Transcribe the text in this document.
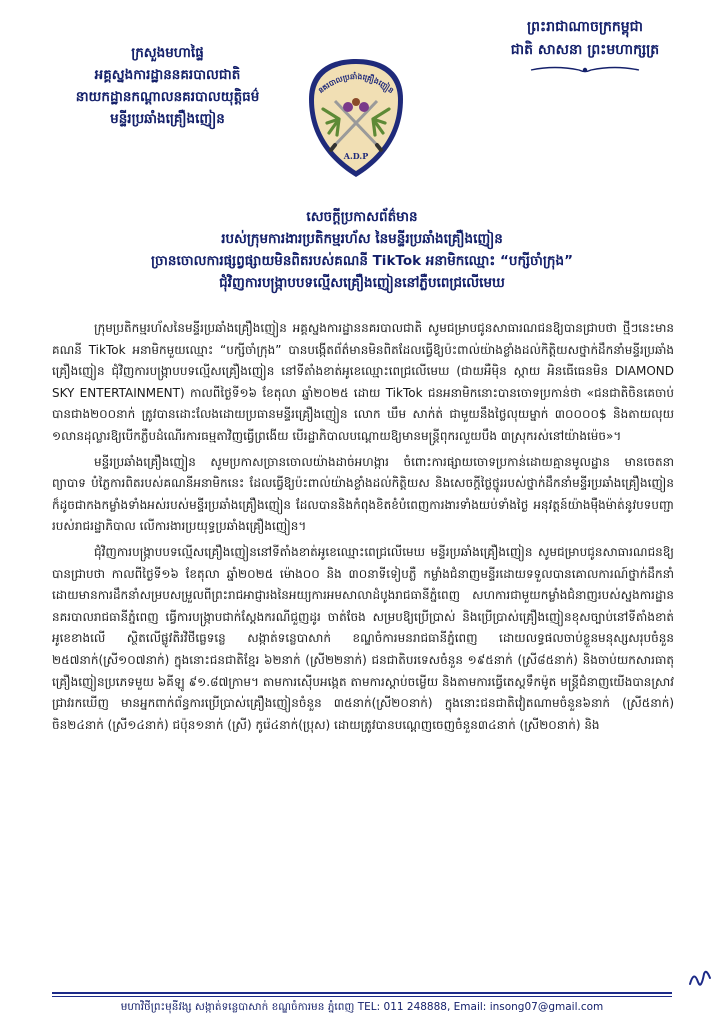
ក្រសួងមហាផ្ទៃ
អគ្គស្នងការដ្ឋាននគរបាលជាតិ
នាយកដ្ឋានកណ្តាលនគរបាលយុត្តិធម៌
មន្ទីរប្រឆាំងគ្រឿងញៀន
ព្រះរាជាណាចក្រកម្ពុជា
ជាតិ សាសនា ព្រះមហាក្សត្រ
នគរបាលប្រឆាំងគ្រឿងញៀន
A.D.P
សេចក្តីប្រកាសព័ត៌មាន
របស់ក្រុមការងារប្រតិកម្មរហ័ស នៃមន្ទីរប្រឆាំងគ្រឿងញៀន
ច្រានចោលការផ្សព្វផ្សាយមិនពិតរបស់គណនី TikTok អនាមិកឈ្មោះ “បក្សីចាំក្រុង”
ជុំវិញការបង្ក្រាបបទល្មើសគ្រឿងញៀននៅភ្លឺបពេជ្រលើមេឃ

ក្រុមប្រតិកម្មរហ័សនៃមន្ទីរប្រឆាំងគ្រឿងញៀន អគ្គស្នងការដ្ឋាននគរបាលជាតិ សូមជម្រាបជូនសាធារណជនឱ្យបានជ្រាបថា ថ្មីៗនេះមានគណនី TikTok អនាមិកមួយឈ្មោះ “បក្សីចាំក្រុង” បានបង្កើតព័ត៌មានមិនពិតដែលធ្វើឱ្យប៉ះពាល់យ៉ាងខ្លាំងដល់កិត្តិយសថ្នាក់ដឹកនាំមន្ទីរប្រឆាំងគ្រឿងញៀន ជុំវិញការបង្ក្រាបបទល្មើសគ្រឿងញៀន នៅទីតាំងខាត់អូខេឈ្មោះពេជ្រលើមេឃ (ជាយអឺម៉ិន ស្កាយ អិនធើធេនមិន DIAMOND SKY ENTERTAINMENT) កាលពីថ្ងៃទី១៦ ខែតុលា ឆ្នាំ២០២៥ ដោយ TikTok ជនអនាមិកនោះបានចោទប្រកាន់ថា «ជនជាតិចិនគេចាប់បានជាង២០០នាក់ ត្រូវបានដោះលែងដោយប្រធានមន្ទីរគ្រឿងញៀន លោក ឃឹម សាក់ត់ ជាមួយនឹងថ្លៃលុយម្នាក់ ៣០០០០$ និងតាយលុយ ១លានដុល្លារឱ្យបើកភ្លឺបដំណើរការធម្មតាវិញធ្វើព្រងើយ បើរដ្ឋាភិបាលបណ្តោយឱ្យមានមន្ត្រីពុករលួយបឹង ៣ស្រុករស់នៅយ៉ាងម៉េច»។

មន្ទីរប្រឆាំងគ្រឿងញៀន សូមប្រកាសច្រានចោលយ៉ាងដាច់អហង្ការ ចំពោះការផ្សាយចោទប្រកាន់ដោយគ្មានមូលដ្ឋាន មានចេតនាព្យាបាទ បំភ្លៃការពិតរបស់គណនីអនាមិកនេះ ដែលធ្វើឱ្យប៉ះពាល់យ៉ាងខ្លាំងដល់កិត្តិយស និងសេចក្តីថ្លៃថ្នូររបស់ថ្នាក់ដឹកនាំមន្ទីរប្រឆាំងគ្រឿងញៀន ក៏ដូចជាកងកម្លាំងទាំងអស់របស់មន្ទីរប្រឆាំងគ្រឿងញៀន ដែលបាននិងកំពុងខិតខំបំពេញការងារទាំងយប់ទាំងថ្ងៃ អនុវត្តន៍យ៉ាងម៉ឺងម៉ាត់នូវបទបញ្ជារបស់រាជរដ្ឋាភិបាល លើការងារប្រយុទ្ធប្រឆាំងគ្រឿងញៀន។

ជុំវិញការបង្ក្រាបបទល្មើសគ្រឿងញៀននៅទីតាំងខាត់អូខេឈ្មោះពេជ្រលើមេឃ មន្ទីរប្រឆាំងគ្រឿងញៀន សូមជម្រាបជូនសាធារណជនឱ្យបានជ្រាបថា កាលពីថ្ងៃទី១៦ ខែតុលា ឆ្នាំ២០២៥ ម៉ោង០០ និង ៣០នាទីទៀបភ្លឺ កម្លាំងជំនាញមន្ទីរដោយទទួលបានគោលការណ៍ថ្នាក់ដឹកនាំ ដោយមានការដឹកនាំសម្របសម្រួលពីព្រះរាជអាជ្ញារងនៃអយ្យការអមសាលាដំបូងរាជធានីភ្នំពេញ សហការជាមួយកម្លាំងជំនាញរបស់ស្នងការដ្ឋាននគរបាលរាជធានីភ្នំពេញ ធ្វើការបង្ក្រាបជាក់ស្តែងករណីជួញដូរ ចាត់ចែង សម្របឱ្យប្រើប្រាស់ និងប្រើប្រាស់គ្រឿងញៀនខុសច្បាប់នៅទីតាំងខាត់អូខេខាងលើ ស្ថិតលើផ្លូវតិរវិថីធ្លេទន្លេ សង្កាត់ទន្លេបាសាក់ ខណ្ឌចំការមនរាជធានីភ្នំពេញ ដោយលទ្ធផលចាប់ខ្លួនមនុស្សសរុបចំនួន ២៥៧នាក់(ស្រី១០៧នាក់) ក្នុងនោះជនជាតិខ្មែរ ៦២នាក់ (ស្រី២២នាក់) ជនជាតិបរទេសចំនួន ១៩៥នាក់ (ស្រី៨៥នាក់) និងចាប់យកសារធាតុគ្រឿងញៀនប្រភេទមួយ ៦គីឡូ ៩១.៨៧ក្រាម។ តាមការស៊ើបអង្កេត តាមការស្តាប់ចម្លើយ និងតាមការធ្វើតេស្តទឹកម៉ូត មន្ត្រីជំនាញយើងបានស្រាវជ្រាវរកឃើញ មានអ្នកពាក់ព័ន្ធការប្រើប្រាស់គ្រឿងញៀនចំនួន ៣៥នាក់(ស្រី២០នាក់) ក្នុងនោះជនជាតិវៀតណាមចំនួន៦នាក់ (ស្រី៥នាក់) ចិន២៤នាក់ (ស្រី១៤នាក់) ជប៉ុន១នាក់ (ស្រី) កូរ៉េ៤នាក់(ប្រុស) ដោយត្រូវបានបណ្តេញចេញចំនួន៣៤នាក់ (ស្រី២០នាក់) និង

មហាវិថីព្រះមុនីវង្ស សង្កាត់ទន្លេបាសាក់ ខណ្ឌចំការមន ភ្នំពេញ TEL: 011 248888, Email: insong07@gmail.com
